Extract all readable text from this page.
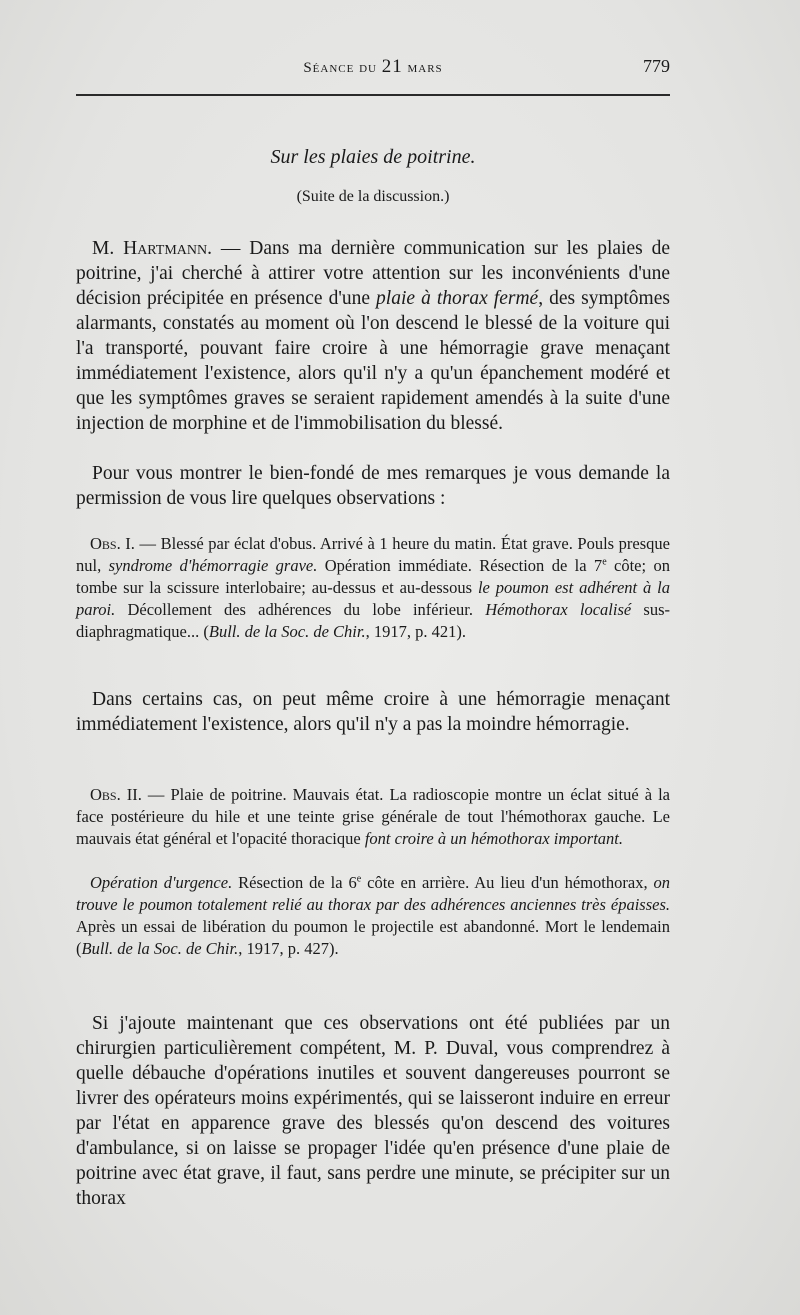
Séance du 21 mars	779
Sur les plaies de poitrine.
(Suite de la discussion.)

M. Hartmann. — Dans ma dernière communication sur les plaies de poitrine, j'ai cherché à attirer votre attention sur les inconvénients d'une décision précipitée en présence d'une plaie à thorax fermé, des symptômes alarmants, constatés au moment où l'on descend le blessé de la voiture qui l'a transporté, pouvant faire croire à une hémorragie grave menaçant immédiatement l'existence, alors qu'il n'y a qu'un épanchement modéré et que les symptômes graves se seraient rapidement amendés à la suite d'une injection de morphine et de l'immobilisation du blessé.

Pour vous montrer le bien-fondé de mes remarques je vous demande la permission de vous lire quelques observations :

Obs. I. — Blessé par éclat d'obus. Arrivé à 1 heure du matin. État grave. Pouls presque nul, syndrome d'hémorragie grave. Opération immédiate. Résection de la 7e côte; on tombe sur la scissure interlobaire; au-dessus et au-dessous le poumon est adhérent à la paroi. Décollement des adhérences du lobe inférieur. Hémothorax localisé sus-diaphragmatique... (Bull. de la Soc. de Chir., 1917, p. 421).

Dans certains cas, on peut même croire à une hémorragie menaçant immédiatement l'existence, alors qu'il n'y a pas la moindre hémorragie.

Obs. II. — Plaie de poitrine. Mauvais état. La radioscopie montre un éclat situé à la face postérieure du hile et une teinte grise générale de tout l'hémothorax gauche. Le mauvais état général et l'opacité thoracique font croire à un hémothorax important.

Opération d'urgence. Résection de la 6e côte en arrière. Au lieu d'un hémothorax, on trouve le poumon totalement relié au thorax par des adhérences anciennes très épaisses. Après un essai de libération du poumon le projectile est abandonné. Mort le lendemain (Bull. de la Soc. de Chir., 1917, p. 427).

Si j'ajoute maintenant que ces observations ont été publiées par un chirurgien particulièrement compétent, M. P. Duval, vous comprendrez à quelle débauche d'opérations inutiles et souvent dangereuses pourront se livrer des opérateurs moins expérimentés, qui se laisseront induire en erreur par l'état en apparence grave des blessés qu'on descend des voitures d'ambulance, si on laisse se propager l'idée qu'en présence d'une plaie de poitrine avec état grave, il faut, sans perdre une minute, se précipiter sur un thorax
